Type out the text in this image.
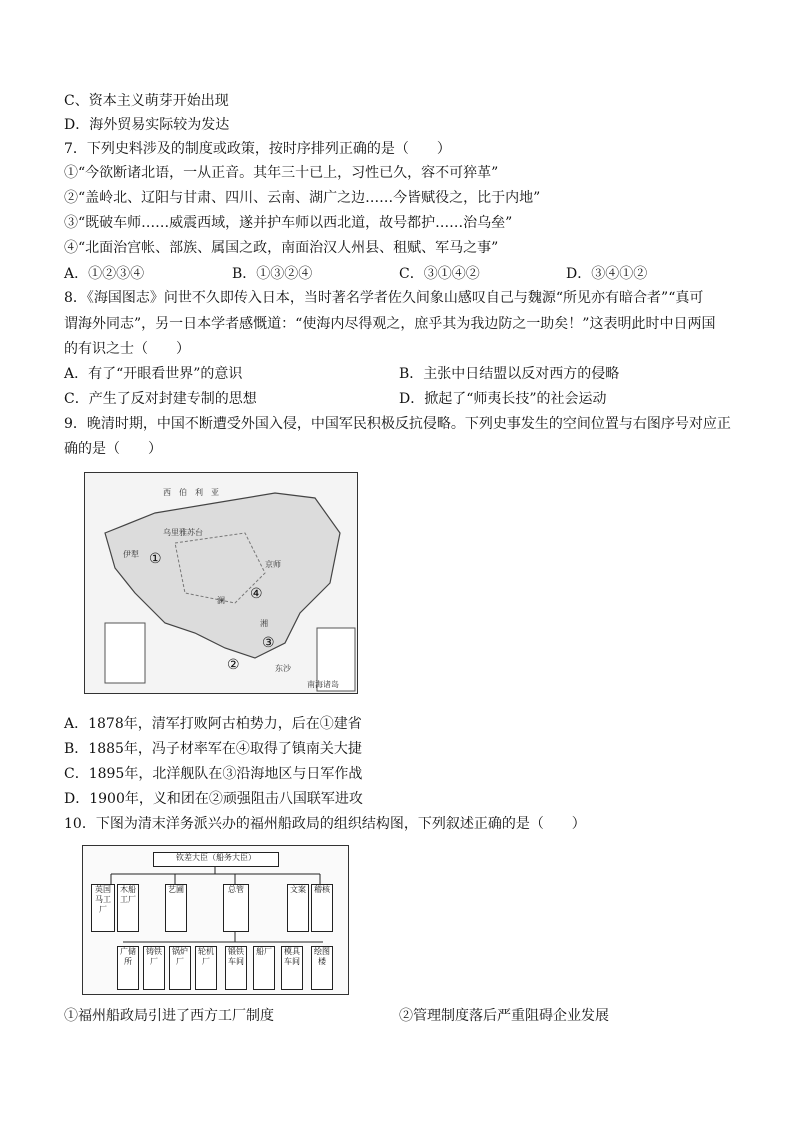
C、资本主义萌芽开始出现
D．海外贸易实际较为发达
7．下列史料涉及的制度或政策，按时序排列正确的是（　　）
①“今欲断诸北语，一从正音。其年三十已上，习性已久，容不可猝革”
②“盖岭北、辽阳与甘肃、四川、云南、湖广之边……今皆赋役之，比于内地”
③“既破车师……威震西域，遂并护车师以西北道，故号都护……治乌垒”
④“北面治宫帐、部族、属国之政，南面治汉人州县、租赋、军马之事”
A．①②③④	B．①③②④	C．③①④②	D．③④①②
8．《海国图志》问世不久即传入日本，当时著名学者佐久间象山感叹自己与魏源“所见亦有暗合者”“真可
谓海外同志”，另一日本学者感慨道：“使海内尽得观之，庶乎其为我边防之一助矣！”这表明此时中日两国
的有识之士（　　）
A．有了“开眼看世界”的意识	B．主张中日结盟以反对西方的侵略
C．产生了反对封建专制的思想	D．掀起了“师夷长技”的社会运动
9．晚清时期，中国不断遭受外国入侵，中国军民积极反抗侵略。下列史事发生的空间位置与右图序号对应正
确的是（　　）
西　伯　利　亚
乌里雅苏台
伊犁
京师
澜
湘
东沙
南海诸岛
①
②
③
④
A．1878年，清军打败阿古柏势力，后在①建省
B．1885年，冯子材率军在④取得了镇南关大捷
C．1895年，北洋舰队在③沿海地区与日军作战
D．1900年，义和团在②顽强阻击八国联军进攻
10．下图为清末洋务派兴办的福州船政局的组织结构图，下列叙述正确的是（　　）
钦差大臣（船务大臣）
英国马工厂
木船工厂
艺圃	总管	文案	稽核
广储所
铸铁厂
锅炉厂
轮机厂
锻铁车间
船厂	模具车间
绘图楼
①福州船政局引进了西方工厂制度	②管理制度落后严重阻碍企业发展
